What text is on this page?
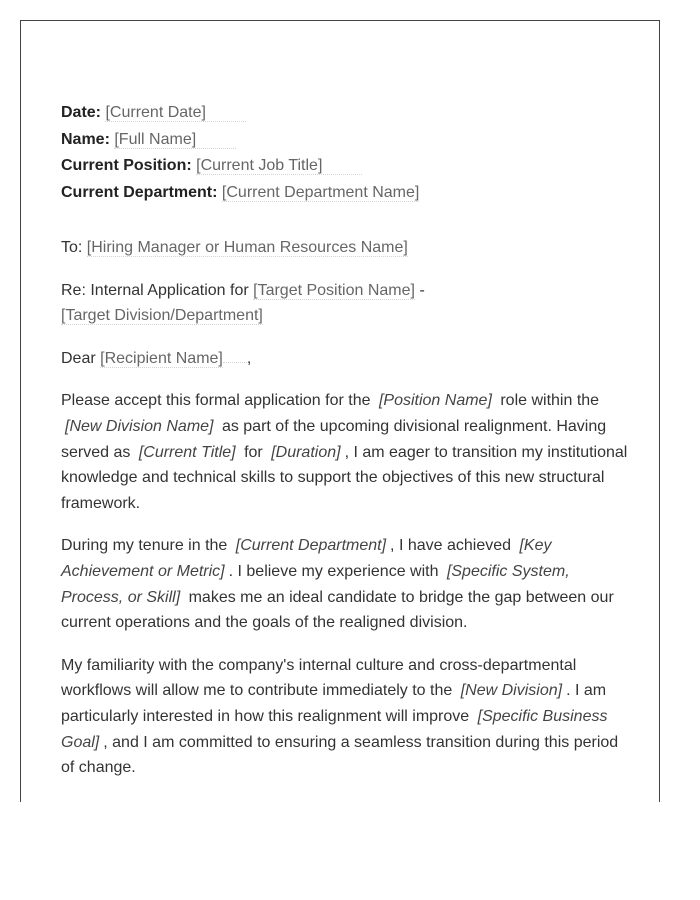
Date: [Current Date]

Name: [Full Name]

Current Position: [Current Job Title]

Current Department: [Current Department Name]

To: [Hiring Manager or Human Resources Name]

Re: Internal Application for [Target Position Name] -
[Target Division/Department]

Dear [Recipient Name] ,

Please accept this formal application for the [Position Name] role within the [New Division Name] as part of the upcoming divisional realignment. Having served as [Current Title] for [Duration] , I am eager to transition my institutional knowledge and technical skills to support the objectives of this new structural framework.

During my tenure in the [Current Department] , I have achieved [Key Achievement or Metric] . I believe my experience with [Specific System, Process, or Skill] makes me an ideal candidate to bridge the gap between our current operations and the goals of the realigned division.

My familiarity with the company's internal culture and cross-departmental workflows will allow me to contribute immediately to the [New Division] . I am particularly interested in how this realignment will improve [Specific Business Goal] , and I am committed to ensuring a seamless transition during this period of change.
